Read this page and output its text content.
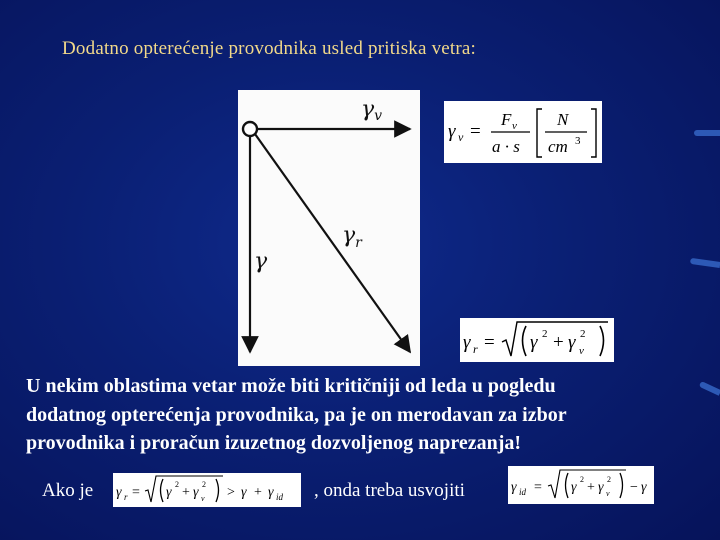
Dodatno opterećenje provodnika usled pritiska vetra:
γv
γ
$\gamma_r$
γ v =
F v
a · s
N
cm 3
γ r = γ 2 + γ 2
v
U nekim oblastima vetar može biti kritičniji od leda u pogledu
dodatnog opterećenja provodnika, pa je on merodavan za izbor
provodnika i proračun izuzetnog dozvoljenog naprezanja!
Ako je γ r = γ
2
+ γ
2
v > γ + γ id , onda treba usvojiti	γ id = γ
2
+ γ
2
v − γ
